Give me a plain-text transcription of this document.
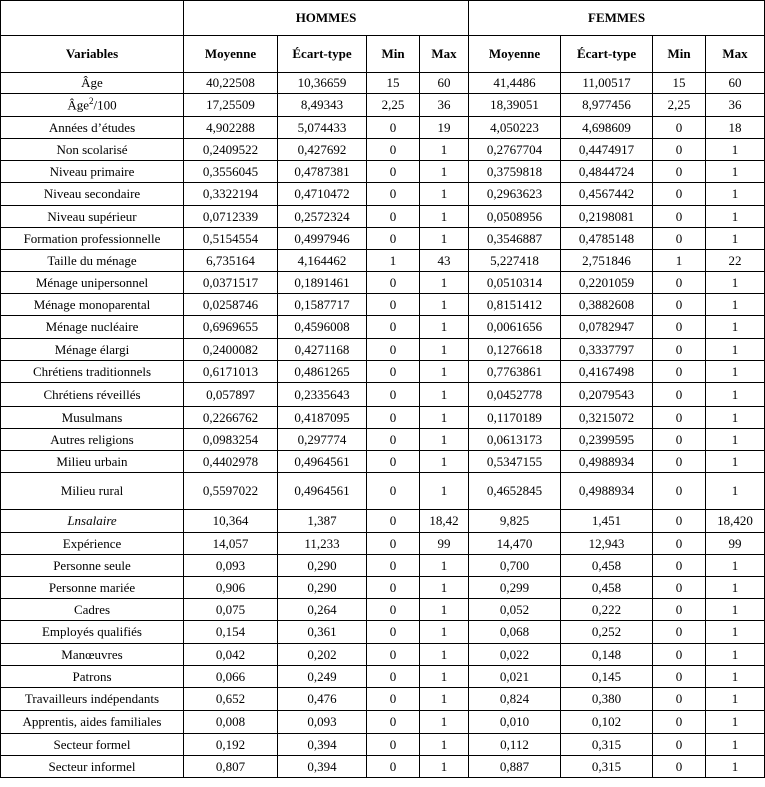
	HOMMES				FEMMES			
Variables	Moyenne	Écart-type	Min	Max	Moyenne	Écart-type	Min	Max
Âge	40,22508	10,36659	15	60	41,4486	11,00517	15	60
Âge$^2$/100	17,25509	8,49343	2,25	36	18,39051	8,977456	2,25	36
Années d’études	4,902288	5,074433	0	19	4,050223	4,698609	0	18
Non scolarisé	0,2409522	0,427692	0	1	0,2767704	0,4474917	0	1
Niveau primaire	0,3556045	0,4787381	0	1	0,3759818	0,4844724	0	1
Niveau secondaire	0,3322194	0,4710472	0	1	0,2963623	0,4567442	0	1
Niveau supérieur	0,0712339	0,2572324	0	1	0,0508956	0,2198081	0	1
Formation professionnelle	0,5154554	0,4997946	0	1	0,3546887	0,4785148	0	1
Taille du ménage	6,735164	4,164462	1	43	5,227418	2,751846	1	22
Ménage unipersonnel	0,0371517	0,1891461	0	1	0,0510314	0,2201059	0	1
Ménage monoparental	0,0258746	0,1587717	0	1	0,8151412	0,3882608	0	1
Ménage nucléaire	0,6969655	0,4596008	0	1	0,0061656	0,0782947	0	1
Ménage élargi	0,2400082	0,4271168	0	1	0,1276618	0,3337797	0	1
Chrétiens traditionnels	0,6171013	0,4861265	0	1	0,7763861	0,4167498	0	1
Chrétiens réveillés	0,057897	0,2335643	0	1	0,0452778	0,2079543	0	1
Musulmans	0,2266762	0,4187095	0	1	0,1170189	0,3215072	0	1
Autres religions	0,0983254	0,297774	0	1	0,0613173	0,2399595	0	1
Milieu urbain	0,4402978	0,4964561	0	1	0,5347155	0,4988934	0	1
Milieu rural	0,5597022	0,4964561	0	1	0,4652845	0,4988934	0	1
Lnsalaire	10,364	1,387	0	18,42	9,825	1,451	0	18,420
Expérience	14,057	11,233	0	99	14,470	12,943	0	99
Personne seule	0,093	0,290	0	1	0,700	0,458	0	1
Personne mariée	0,906	0,290	0	1	0,299	0,458	0	1
Cadres	0,075	0,264	0	1	0,052	0,222	0	1
Employés qualifiés	0,154	0,361	0	1	0,068	0,252	0	1
Manœuvres	0,042	0,202	0	1	0,022	0,148	0	1
Patrons	0,066	0,249	0	1	0,021	0,145	0	1
Travailleurs indépendants	0,652	0,476	0	1	0,824	0,380	0	1
Apprentis, aides familiales	0,008	0,093	0	1	0,010	0,102	0	1
Secteur formel	0,192	0,394	0	1	0,112	0,315	0	1
Secteur informel	0,807	0,394	0	1	0,887	0,315	0	1
